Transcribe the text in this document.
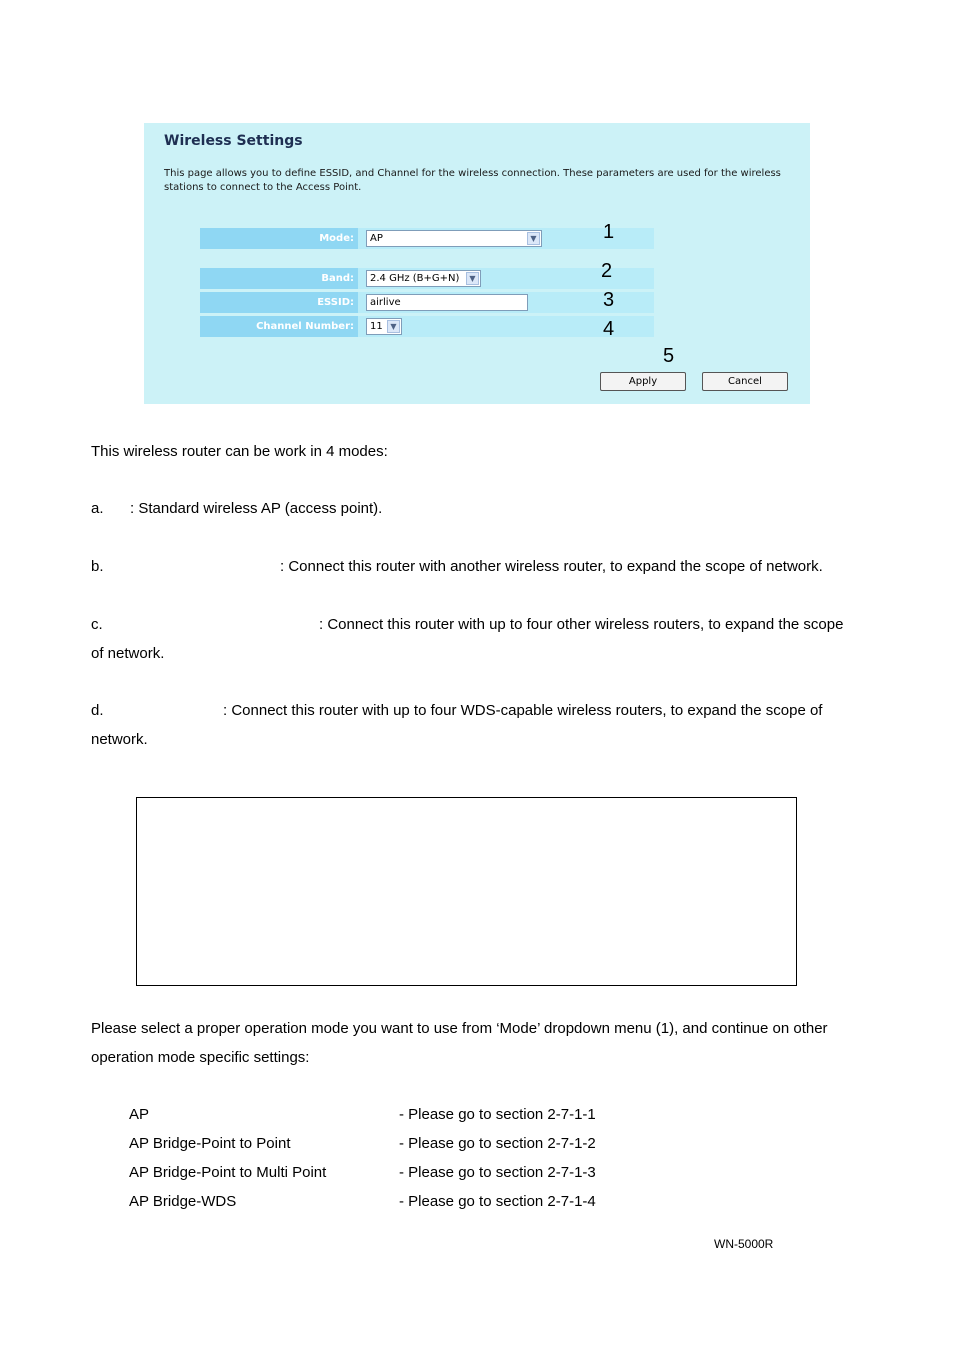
Wireless Settings
This page allows you to define ESSID, and Channel for the wireless connection. These parameters are used for the wireless stations to connect to the Access Point.
Mode:	AP	▼	1
Band:	2.4 GHz (B+G+N)	▼	2
ESSID:	airlive	3
Channel Number:	11 ▼	4
5
Apply	Cancel
This wireless router can be work in 4 modes:
a. : Standard wireless AP (access point).
b.	: Connect this router with another wireless router, to expand the scope of network.
c.	: Connect this router with up to four other wireless routers, to expand the scope of network.
d.	: Connect this router with up to four WDS-capable wireless routers, to expand the scope of network.
Please select a proper operation mode you want to use from ‘Mode’ dropdown menu (1), and continue on other operation mode specific settings:
AP	- Please go to section 2-7-1-1
AP Bridge-Point to Point	- Please go to section 2-7-1-2
AP Bridge-Point to Multi Point	- Please go to section 2-7-1-3
AP Bridge-WDS	- Please go to section 2-7-1-4
WN-5000R
